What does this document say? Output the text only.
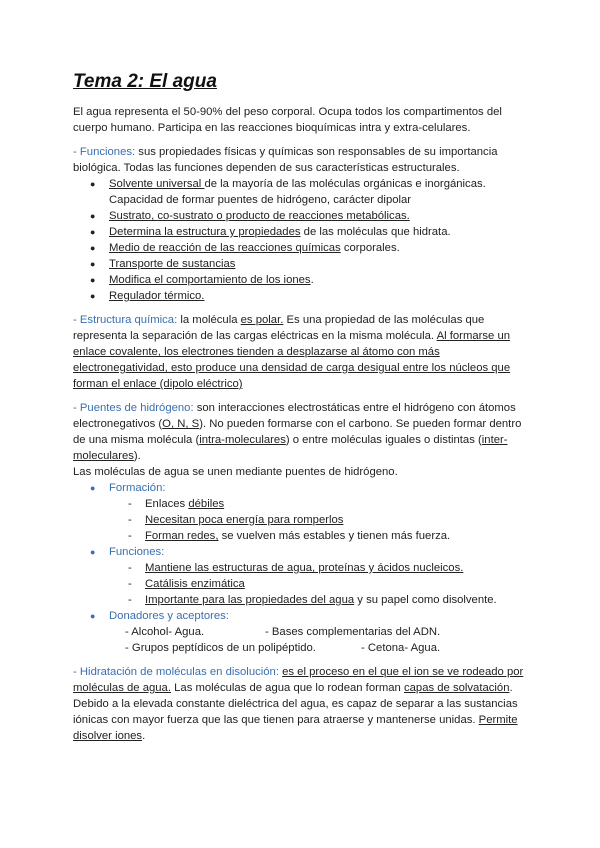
Tema 2: El agua

El agua representa el 50-90% del peso corporal. Ocupa todos los compartimentos del cuerpo humano. Participa en las reacciones bioquímicas intra y extra-celulares.

- Funciones: sus propiedades físicas y químicas son responsables de su importancia biológica. Todas las funciones dependen de sus características estructurales.

● Solvente universal de la mayoría de las moléculas orgánicas e inorgánicas. Capacidad de formar puentes de hidrógeno, carácter dipolar
● Sustrato, co-sustrato o producto de reacciones metabólicas.
● Determina la estructura y propiedades de las moléculas que hidrata.
● Medio de reacción de las reacciones químicas corporales.
● Transporte de sustancias
● Modifica el comportamiento de los iones.
● Regulador térmico.

- Estructura química: la molécula es polar. Es una propiedad de las moléculas que representa la separación de las cargas eléctricas en la misma molécula. Al formarse un enlace covalente, los electrones tienden a desplazarse al átomo con más electronegatividad, esto produce una densidad de carga desigual entre los núcleos que forman el enlace (dipolo eléctrico)

- Puentes de hidrógeno: son interacciones electrostáticas entre el hidrógeno con átomos electronegativos (O, N, S). No pueden formarse con el carbono. Se pueden formar dentro de una misma molécula (intra-moleculares) o entre moléculas iguales o distintas (inter-moleculares).

Las moléculas de agua se unen mediante puentes de hidrógeno.

● Formación:
- Enlaces débiles
- Necesitan poca energía para romperlos
- Forman redes, se vuelven más estables y tienen más fuerza.
● Funciones:
- Mantiene las estructuras de agua, proteínas y ácidos nucleicos.
- Catálisis enzimática
- Importante para las propiedades del agua y su papel como disolvente.
● Donadores y aceptores:
- Alcohol- Agua.	- Bases complementarias del ADN.
- Grupos peptídicos de un polipéptido.	- Cetona- Agua.

- Hidratación de moléculas en disolución: es el proceso en el que el ion se ve rodeado por moléculas de agua. Las moléculas de agua que lo rodean forman capas de solvatación. Debido a la elevada constante dieléctrica del agua, es capaz de separar a las sustancias iónicas con mayor fuerza que las que tienen para atraerse y mantenerse unidas. Permite disolver iones.
